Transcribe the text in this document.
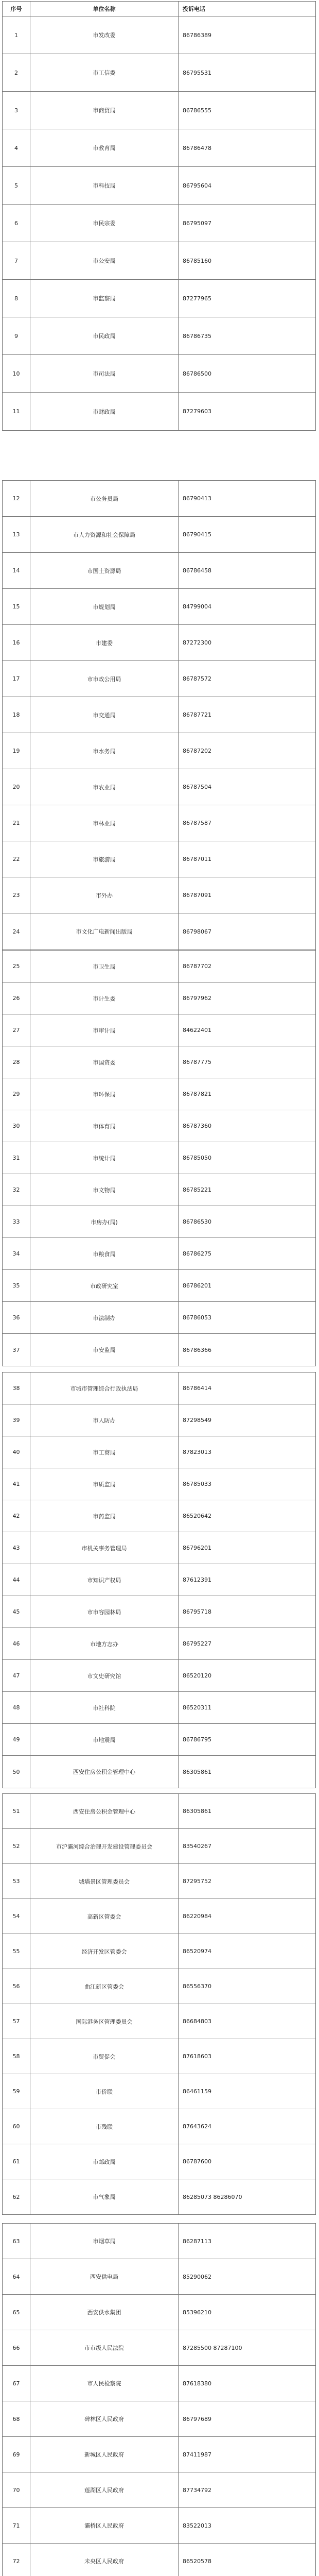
序号	单位名称	投诉电话
1	市发改委	86786389
2	市工信委	86795531
3	市商贸局	86786555
4	市教育局	86786478
5	市科技局	86795604
6	市民宗委	86795097
7	市公安局	86785160
8	市监察局	87277965
9	市民政局	86786735
10	市司法局	86786500
11	市财政局	87279603
12	市公务员局	86790413
13	市人力资源和社会保障局	86790415
14	市国土资源局	86786458
15	市规划局	84799004
16	市建委	87272300
17	市市政公用局	86787572
18	市交通局	86787721
19	市水务局	86787202
20	市农业局	86787504
21	市林业局	86787587
22	市旅游局	86787011
23	市外办	86787091
24	市文化广电新闻出版局	86798067
25	市卫生局	86787702
26	市计生委	86797962
27	市审计局	84622401
28	市国资委	86787775
29	市环保局	86787821
30	市体育局	86787360
31	市统计局	86785050
32	市文物局	86785221
33	市房办(局)	86786530
34	市粮食局	86786275
35	市政研究室	86786201
36	市法制办	86786053
37	市安监局	86786366
38	市城市管理综合行政执法局	86786414
39	市人防办	87298549
40	市工商局	87823013
41	市质监局	86785033
42	市药监局	86520642
43	市机关事务管理局	86796201
44	市知识产权局	87612391
45	市市容园林局	86795718
46	市地方志办	86795227
47	市文史研究馆	86520120
48	市社科院	86520311
49	市地震局	86786795
50	西安住房公积金管理中心	86305861
51	西安住房公积金管理中心	86305861
52	市沪灞河综合治理开发建设管理委员会	83540267
53	城墙景区管理委员会	87295752
54	高新区管委会	86220984
55	经济开发区管委会	86520974
56	曲江新区管委会	86556370
57	国际港务区管理委员会	86684803
58	市贸促会	87618603
59	市侨联	86461159
60	市残联	87643624
61	市邮政局	86787600
62	市气象局	86285073 86286070
63	市烟草局	86287113
64	西安供电局	85290062
65	西安供水集团	85396210
66	市市级人民法院	87285500 87287100
67	市人民检察院	87618380
68	碑林区人民政府	86797689
69	新城区人民政府	87411987
70	莲湖区人民政府	87734792
71	灞桥区人民政府	83522013
72	未央区人民政府	86520578
